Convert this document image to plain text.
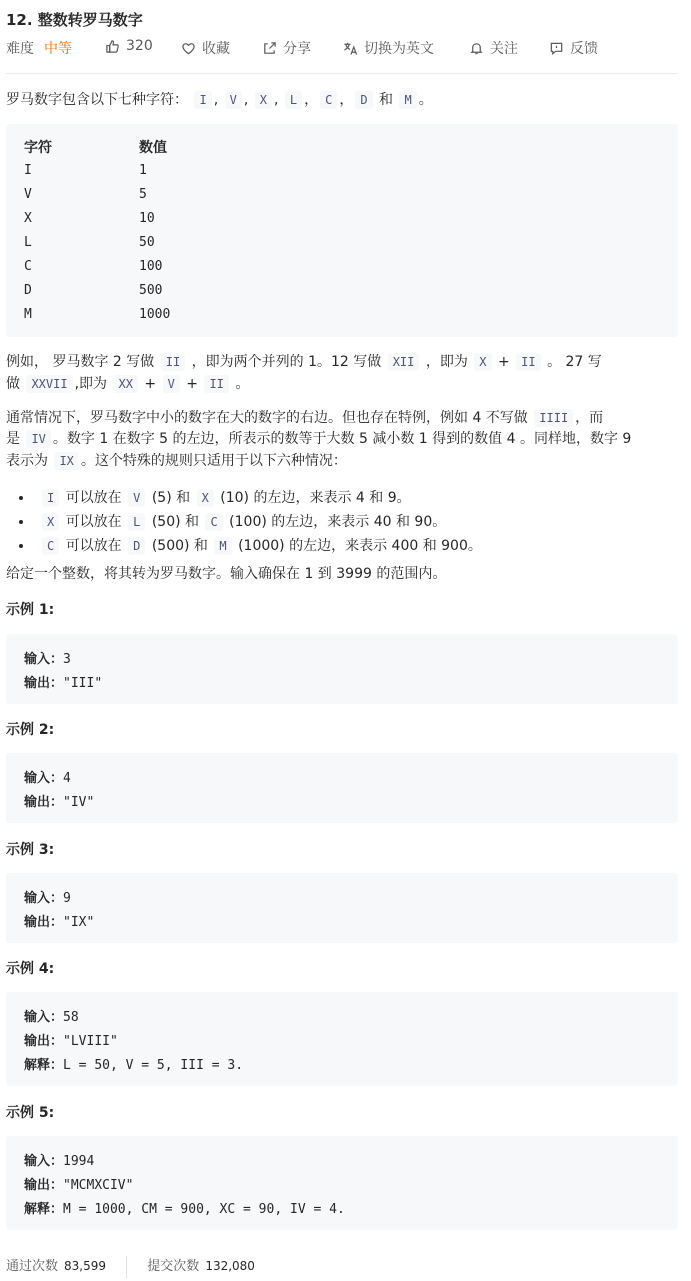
12. 整数转罗马数字
难度 中等	320	收藏	分享	切换为英文	关注	反馈
罗马数字包含以下七种字符： I , V , X , L ， C ， D 和 M 。
字符	数值
I	1
V	5
X	10
L	50
C	100
D	500
M	1000
例如， 罗马数字 2 写做 II ，即为两个并列的 1。12 写做 XII ，即为 X + II 。 27 写
做 XXVII ,即为 XX + V + II 。
通常情况下，罗马数字中小的数字在大的数字的右边。但也存在特例，例如 4 不写做 IIII ，而
是 IV 。数字 1 在数字 5 的左边，所表示的数等于大数 5 减小数 1 得到的数值 4 。同样地，数字 9
表示为 IX 。这个特殊的规则只适用于以下六种情况：
• I 可以放在 V (5) 和 X (10) 的左边，来表示 4 和 9。
• X 可以放在 L (50) 和 C (100) 的左边，来表示 40 和 90。
• C 可以放在 D (500) 和 M (1000) 的左边，来表示 400 和 900。
给定一个整数，将其转为罗马数字。输入确保在 1 到 3999 的范围内。
示例 1:
输入：3
输出："III"
示例 2:
输入：4
输出："IV"
示例 3:
输入：9
输出："IX"
示例 4:
输入：58
输出："LVIII"
解释：L = 50, V = 5, III = 3.
示例 5:
输入：1994
输出："MCMXCIV"
解释：M = 1000, CM = 900, XC = 90, IV = 4.
通过次数 83,599	提交次数 132,080
